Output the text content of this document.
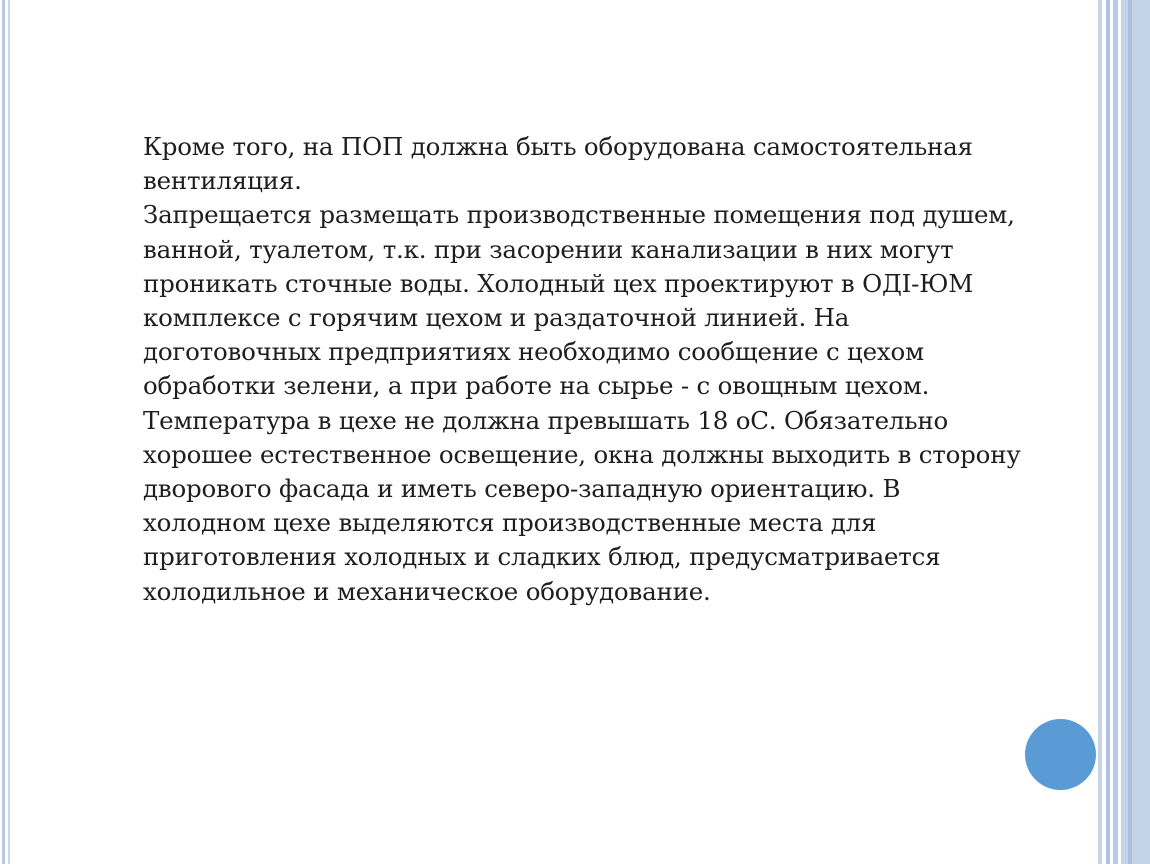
Кроме того, на ПОП должна быть оборудована самостоятельная вентиляция.

Запрещается размещать производственные помещения под душем, ванной, туалетом, т.к. при засорении канализации в них могут проникать сточные воды. Холодный цех проектируют в ОДI-ЮМ комплексе с горячим цехом и раздаточной линией. На доготовочных предприятиях необходимо сообщение с цехом обработки зелени, а при работе на сырье - с овощным цехом. Температура в цехе не должна превышать 18 оС. Обязательно хорошее естественное освещение, окна должны выходить в сторону дворового фасада и иметь северо-западную ориентацию. В холодном цехе выделяются производственные места для приготовления холодных и сладких блюд, предусматривается холодильное и механическое оборудование.
